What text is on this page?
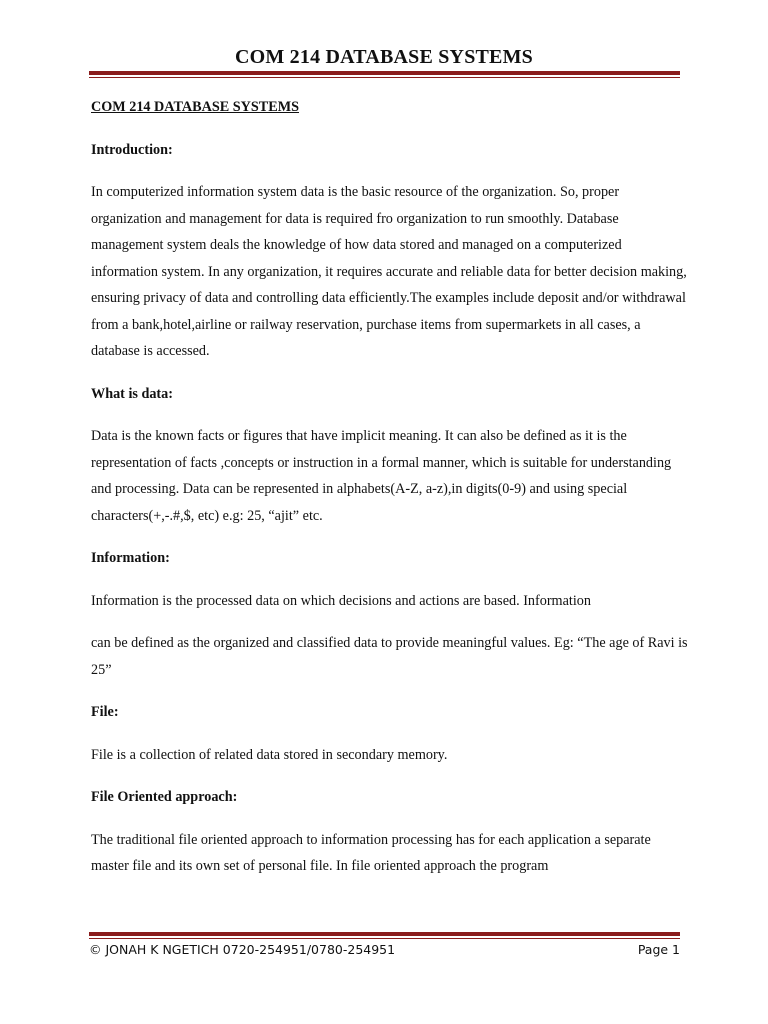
COM 214 DATABASE SYSTEMS

COM 214 DATABASE SYSTEMS

Introduction:

In computerized information system data is the basic resource of the organization. So, proper organization and management for data is required fro organization to run smoothly. Database management system deals the knowledge of how data stored and managed on a computerized information system. In any organization, it requires accurate and reliable data for better decision making, ensuring privacy of data and controlling data efficiently.The examples include deposit and/or withdrawal from a bank,hotel,airline or railway reservation, purchase items from supermarkets in all cases, a database is accessed.

What is data:

Data is the known facts or figures that have implicit meaning. It can also be defined as it is the representation of facts ,concepts or instruction in a formal manner, which is suitable for understanding and processing. Data can be represented in alphabets(A-Z, a-z),in digits(0-9) and using special characters(+,-.#,$, etc) e.g: 25, “ajit” etc.

Information:

Information is the processed data on which decisions and actions are based. Information

can be defined as the organized and classified data to provide meaningful values. Eg: “The age of Ravi is 25”

File:

File is a collection of related data stored in secondary memory.

File Oriented approach:

The traditional file oriented approach to information processing has for each application a separate master file and its own set of personal file. In file oriented approach the program

© JONAH K NGETICH 0720-254951/0780-254951	Page 1
